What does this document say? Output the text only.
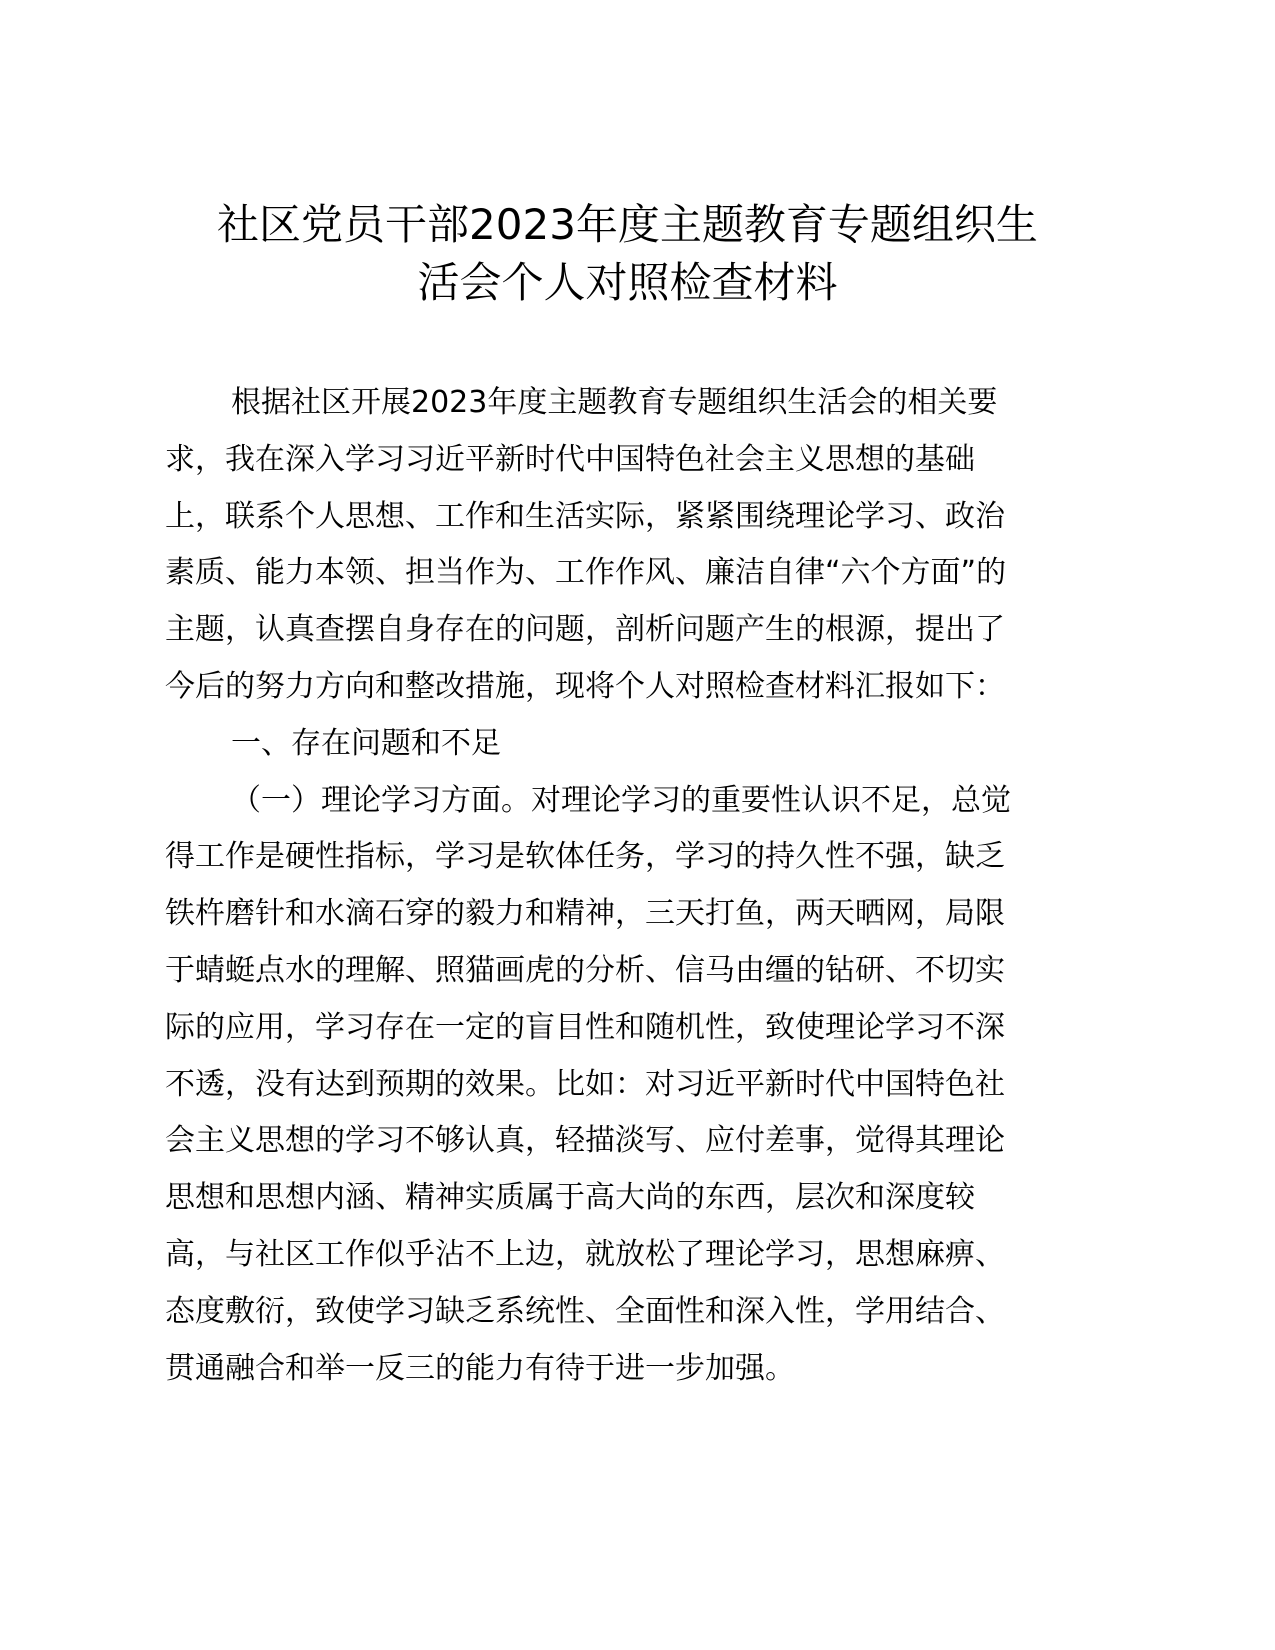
社区党员干部2023年度主题教育专题组织生
活会个人对照检查材料
根据社区开展2023年度主题教育专题组织生活会的相关要
求，我在深入学习习近平新时代中国特色社会主义思想的基础
上，联系个人思想、工作和生活实际，紧紧围绕理论学习、政治
素质、能力本领、担当作为、工作作风、廉洁自律“六个方面”的
主题，认真查摆自身存在的问题，剖析问题产生的根源，提出了
今后的努力方向和整改措施，现将个人对照检查材料汇报如下：
一、存在问题和不足
（一）理论学习方面。对理论学习的重要性认识不足，总觉
得工作是硬性指标，学习是软体任务，学习的持久性不强，缺乏
铁杵磨针和水滴石穿的毅力和精神，三天打鱼，两天晒网，局限
于蜻蜓点水的理解、照猫画虎的分析、信马由缰的钻研、不切实
际的应用，学习存在一定的盲目性和随机性，致使理论学习不深
不透，没有达到预期的效果。比如：对习近平新时代中国特色社
会主义思想的学习不够认真，轻描淡写、应付差事，觉得其理论
思想和思想内涵、精神实质属于高大尚的东西，层次和深度较
高，与社区工作似乎沾不上边，就放松了理论学习，思想麻痹、
态度敷衍，致使学习缺乏系统性、全面性和深入性，学用结合、
贯通融合和举一反三的能力有待于进一步加强。
